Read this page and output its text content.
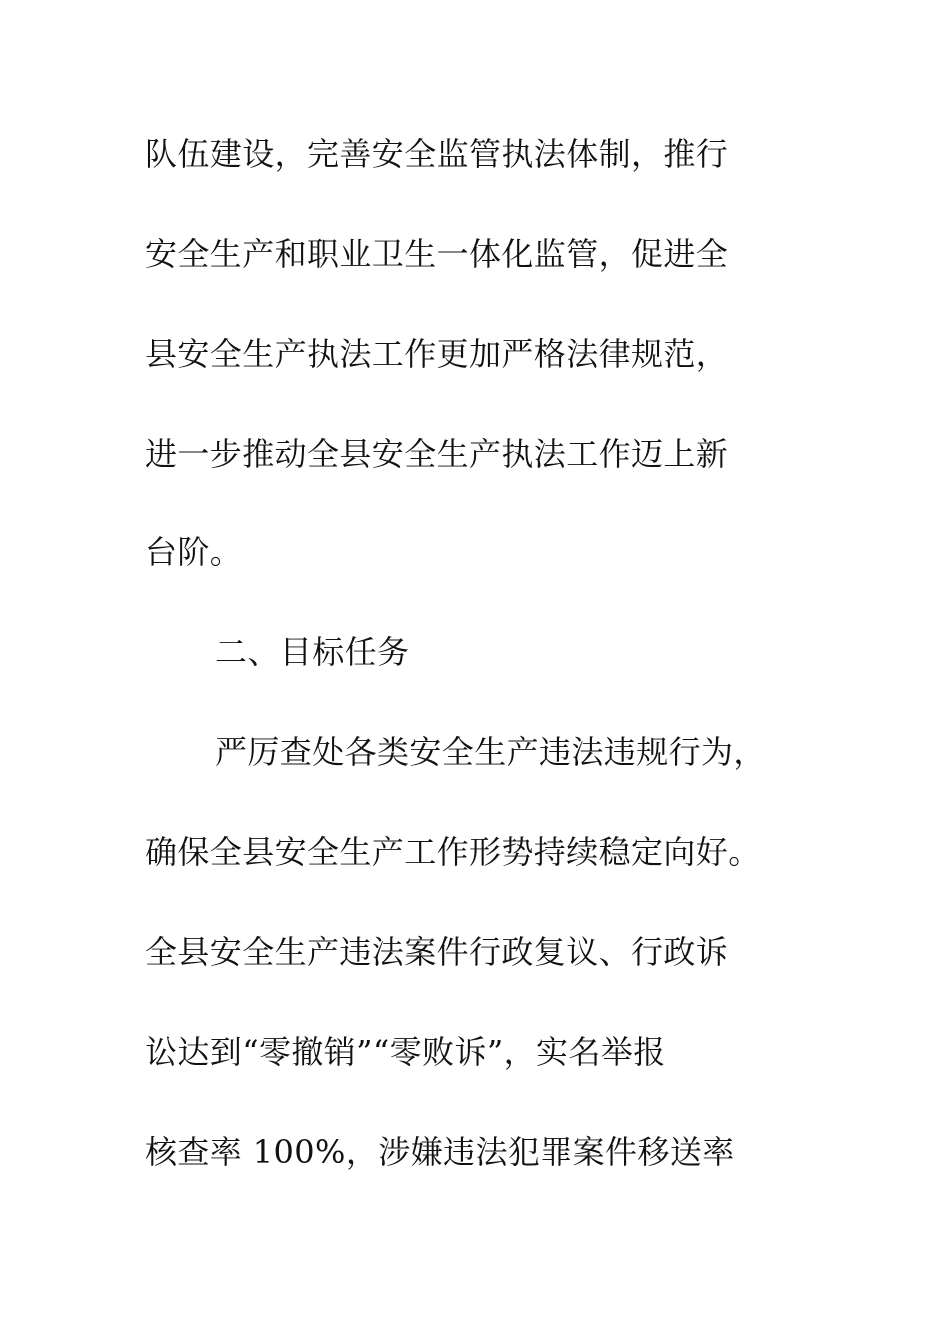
队伍建设，完善安全监管执法体制，推行
安全生产和职业卫生一体化监管，促进全
县安全生产执法工作更加严格法律规范，
进一步推动全县安全生产执法工作迈上新
台阶。
二、目标任务
严厉查处各类安全生产违法违规行为，
确保全县安全生产工作形势持续稳定向好。
全县安全生产违法案件行政复议、行政诉
讼达到“零撤销”“零败诉”，实名举报
核查率 100%，涉嫌违法犯罪案件移送率
